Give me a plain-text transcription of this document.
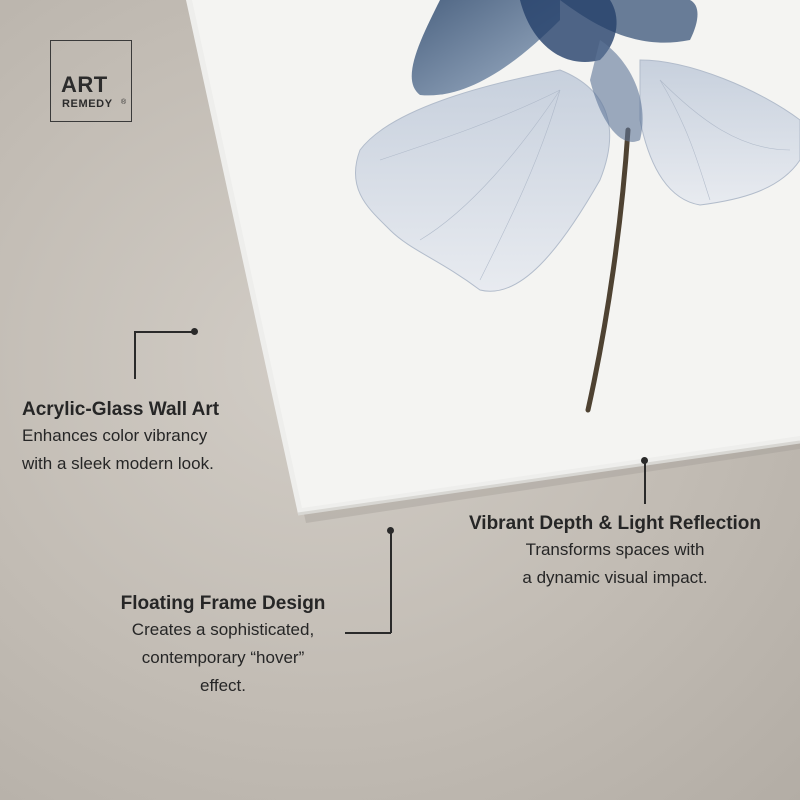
ART
REMEDY ®
Acrylic-Glass Wall Art
Enhances color vibrancy
with a sleek modern look.
Vibrant Depth & Light Reflection
Transforms spaces with
a dynamic visual impact.
Floating Frame Design
Creates a sophisticated,
contemporary “hover”
effect.
